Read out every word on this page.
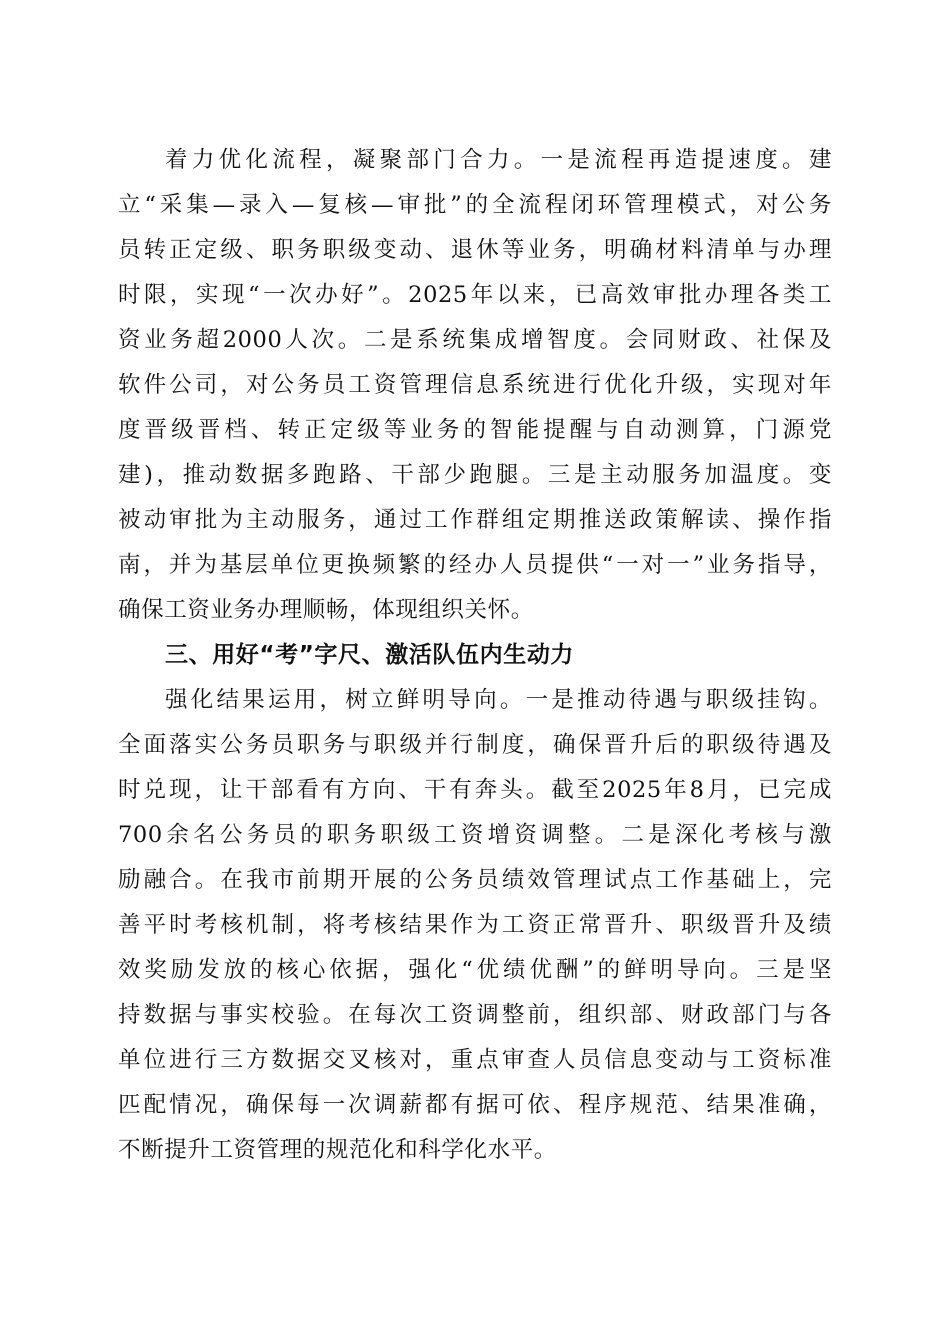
着力优化流程，凝聚部门合力。一是流程再造提速度。建
立“采集—录入—复核—审批”的全流程闭环管理模式，对公务
员转正定级、职务职级变动、退休等业务，明确材料清单与办理
时限，实现“一次办好”。2025年以来，已高效审批办理各类工
资业务超2000人次。二是系统集成增智度。会同财政、社保及
软件公司，对公务员工资管理信息系统进行优化升级，实现对年
度晋级晋档、转正定级等业务的智能提醒与自动测算，门源党
建)，推动数据多跑路、干部少跑腿。三是主动服务加温度。变
被动审批为主动服务，通过工作群组定期推送政策解读、操作指
南，并为基层单位更换频繁的经办人员提供“一对一”业务指导，
确保工资业务办理顺畅，体现组织关怀。
三、用好“考”字尺、激活队伍内生动力
强化结果运用，树立鲜明导向。一是推动待遇与职级挂钩。
全面落实公务员职务与职级并行制度，确保晋升后的职级待遇及
时兑现，让干部看有方向、干有奔头。截至2025年8月，已完成
700余名公务员的职务职级工资增资调整。二是深化考核与激
励融合。在我市前期开展的公务员绩效管理试点工作基础上，完
善平时考核机制，将考核结果作为工资正常晋升、职级晋升及绩
效奖励发放的核心依据，强化“优绩优酬”的鲜明导向。三是坚
持数据与事实校验。在每次工资调整前，组织部、财政部门与各
单位进行三方数据交叉核对，重点审查人员信息变动与工资标准
匹配情况，确保每一次调薪都有据可依、程序规范、结果准确，
不断提升工资管理的规范化和科学化水平。
